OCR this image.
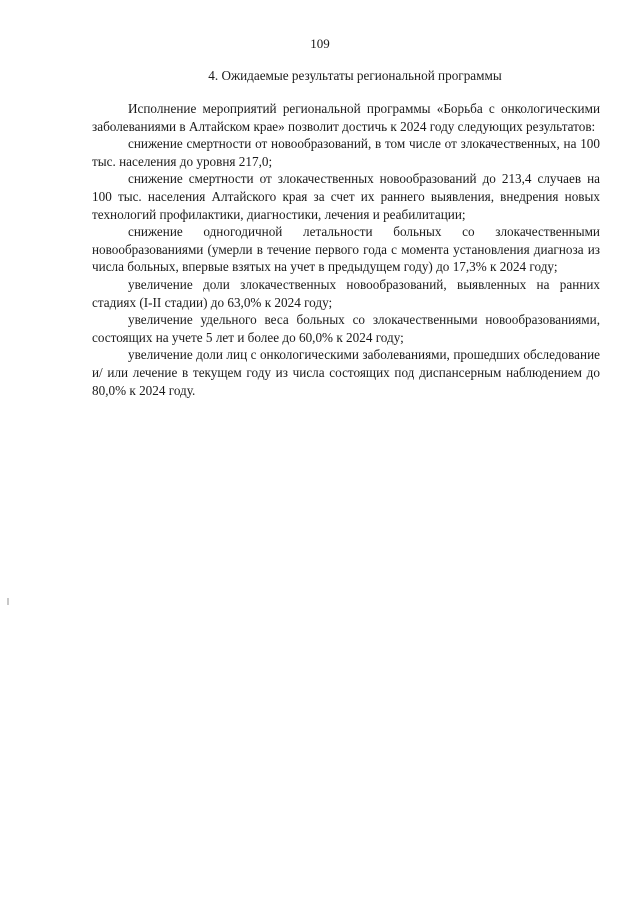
109
4. Ожидаемые результаты региональной программы

Исполнение мероприятий региональной программы «Борьба с онкологическими заболеваниями в Алтайском крае» позволит достичь к 2024 году следующих результатов:

снижение смертности от новообразований, в том числе от злокачественных, на 100 тыс. населения до уровня 217,0;

снижение смертности от злокачественных новообразований до 213,4 случаев на 100 тыс. населения Алтайского края за счет их раннего выявления, внедрения новых технологий профилактики, диагностики, лечения и реабилитации;

снижение одногодичной летальности больных со злокачественными новообразованиями (умерли в течение первого года с момента установления диагноза из числа больных, впервые взятых на учет в предыдущем году) до 17,3% к 2024 году;

увеличение доли злокачественных новообразований, выявленных на ранних стадиях (I-II стадии) до 63,0% к 2024 году;

увеличение удельного веса больных со злокачественными новообразованиями, состоящих на учете 5 лет и более до 60,0% к 2024 году;

увеличение доли лиц с онкологическими заболеваниями, прошедших обследование и/ или лечение в текущем году из числа состоящих под диспансерным наблюдением до 80,0% к 2024 году.
